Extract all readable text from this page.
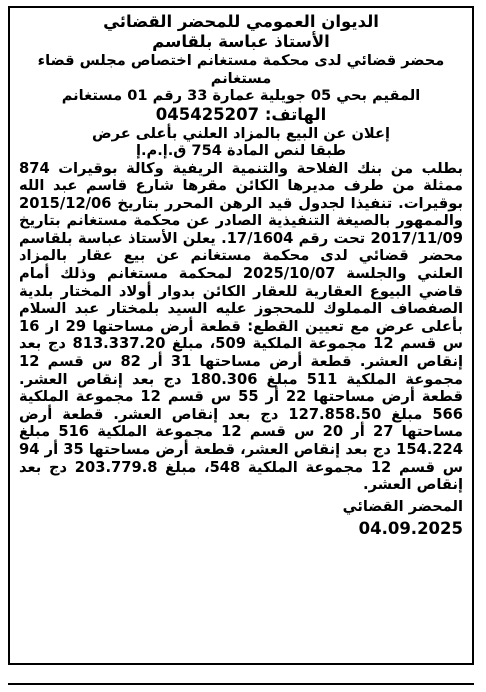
الديوان العمومي للمحضر القضائي

الأستاذ عباسة بلقاسم

محضر قضائي لدى محكمة مستغانم اختصاص مجلس قضاء مستغانم

المقيم بحي 05 جويلية عمارة 33 رقم 01 مستغانم

الهاتف: 045425207

إعلان عن البيع بالمزاد العلني بأعلى عرض

طبقا لنص المادة 754 ق.إ.م.إ

بطلب من بنك الفلاحة والتنمية الريفية وكالة بوقيرات 874 ممثلة من طرف مديرها الكائن مقرها شارع قاسم عبد الله بوقيرات. تنفيذا لجدول قيد الرهن المحرر بتاريخ 2015/12/06 والممهور بالصيغة التنفيذية الصادر عن محكمة مستغانم بتاريخ 2017/11/09 تحت رقم 17/1604. يعلن الأستاذ عباسة بلقاسم محضر قضائي لدى محكمة مستغانم عن بيع عقار بالمزاد العلني والجلسة 2025/10/07 لمحكمة مستغانم وذلك أمام قاضي البيوع العقارية للعقار الكائن بدوار أولاد المختار بلدية الصفصاف المملوك للمحجوز عليه السيد بلمختار عبد السلام بأعلى عرض مع تعيين القطع: قطعة أرض مساحتها 29 ار 16 س قسم 12 مجموعة الملكية 509، مبلغ 813.337.20 دج بعد إنقاص العشر. قطعة أرض مساحتها 31 أر 82 س قسم 12 مجموعة الملكية 511 مبلغ 180.306 دج بعد إنقاص العشر. قطعة أرض مساحتها 22 أر 55 س قسم 12 مجموعة الملكية 566 مبلغ 127.858.50 دج بعد إنقاص العشر. قطعة أرض مساحتها 27 أر 20 س قسم 12 مجموعة الملكية 516 مبلغ 154.224 دج بعد إنقاص العشر، قطعة أرض مساحتها 35 أر 94 س قسم 12 مجموعة الملكية 548، مبلغ 203.779.8 دج بعد إنقاص العشر.

المحضر القضائي

04.09.2025
